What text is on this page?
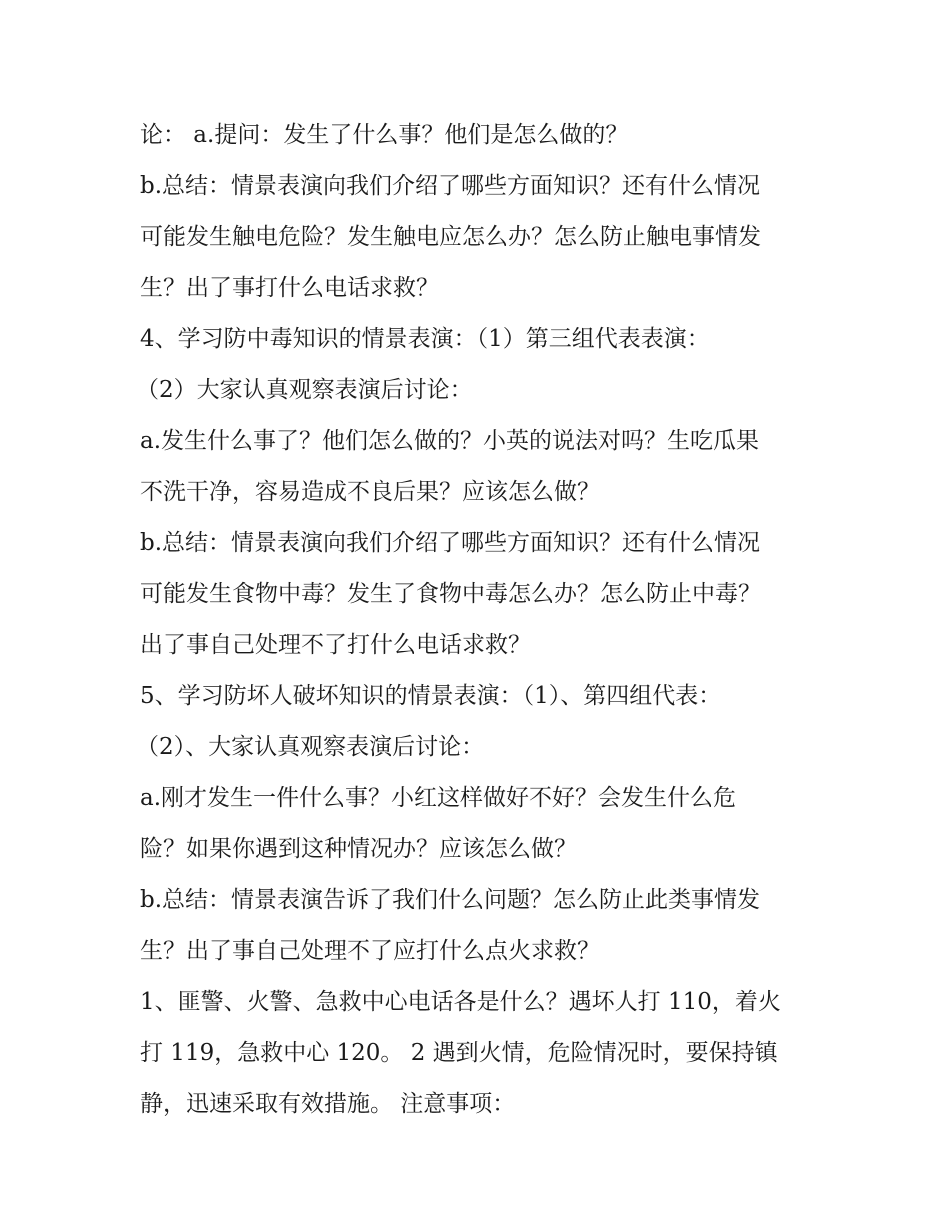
论： a.提问：发生了什么事？他们是怎么做的？
b.总结：情景表演向我们介绍了哪些方面知识？还有什么情况
可能发生触电危险？发生触电应怎么办？怎么防止触电事情发
生？出了事打什么电话求救？
4、学习防中毒知识的情景表演：（1）第三组代表表演：
（2）大家认真观察表演后讨论：
a.发生什么事了？他们怎么做的？小英的说法对吗？生吃瓜果
不洗干净，容易造成不良后果？应该怎么做？
b.总结：情景表演向我们介绍了哪些方面知识？还有什么情况
可能发生食物中毒？发生了食物中毒怎么办？怎么防止中毒？
出了事自己处理不了打什么电话求救？
5、学习防坏人破坏知识的情景表演：（1）、第四组代表：
（2）、大家认真观察表演后讨论：
a.刚才发生一件什么事？小红这样做好不好？会发生什么危
险？如果你遇到这种情况办？应该怎么做？
b.总结：情景表演告诉了我们什么问题？怎么防止此类事情发
生？出了事自己处理不了应打什么点火求救？
1、匪警、火警、急救中心电话各是什么？遇坏人打 110，着火
打 119，急救中心 120。 2 遇到火情，危险情况时，要保持镇
静，迅速采取有效措施。 注意事项：
